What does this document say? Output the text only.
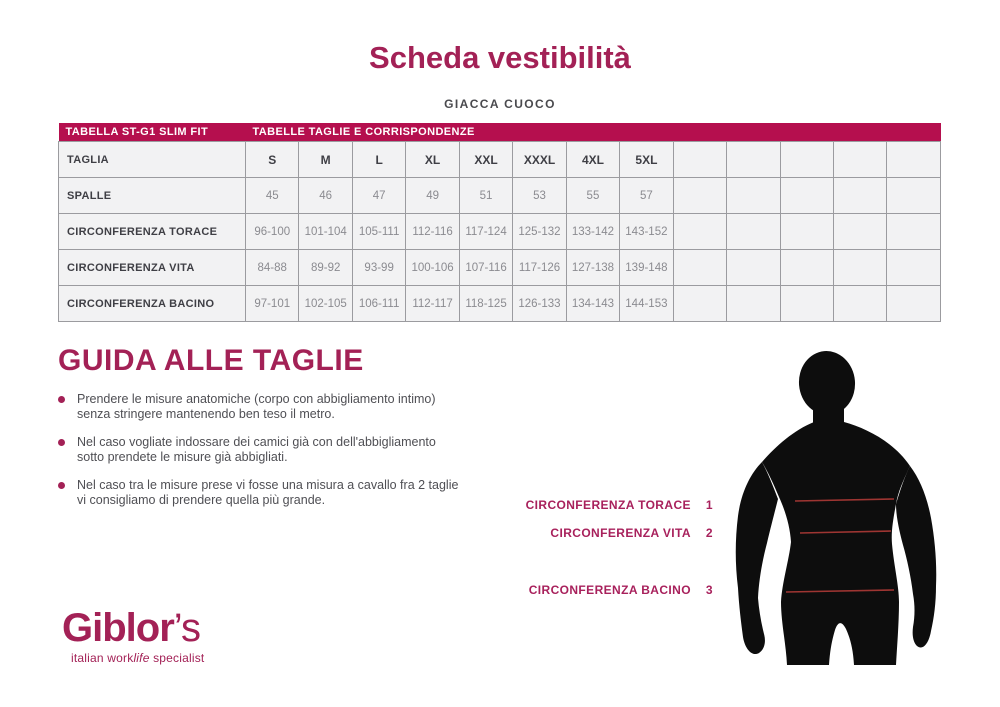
Scheda vestibilità
GIACCA CUOCO
TABELLA ST-G1 SLIM FIT	TABELLE TAGLIE E CORRISPONDENZE												
TAGLIA	S	M	L	XL	XXL	XXXL	4XL	5XL					
SPALLE	45	46	47	49	51	53	55	57					
CIRCONFERENZA TORACE	96-100	101-104	105-111	112-116	117-124	125-132	133-142	143-152					
CIRCONFERENZA VITA	84-88	89-92	93-99	100-106	107-116	117-126	127-138	139-148					
CIRCONFERENZA BACINO	97-101	102-105	106-111	112-117	118-125	126-133	134-143	144-153					
GUIDA ALLE TAGLIE
Prendere le misure anatomiche (corpo con abbigliamento intimo) senza stringere mantenendo ben teso il metro.
Nel caso vogliate indossare dei camici già con dell'abbigliamento sotto prendete le misure già abbigliati.
Nel caso tra le misure prese vi fosse una misura a cavallo fra 2 taglie vi consigliamo di prendere quella più grande.	CIRCONFERENZA TORACE 1
CIRCONFERENZA VITA 2
CIRCONFERENZA BACINO 3
Giblor’s
italian worklife specialist
